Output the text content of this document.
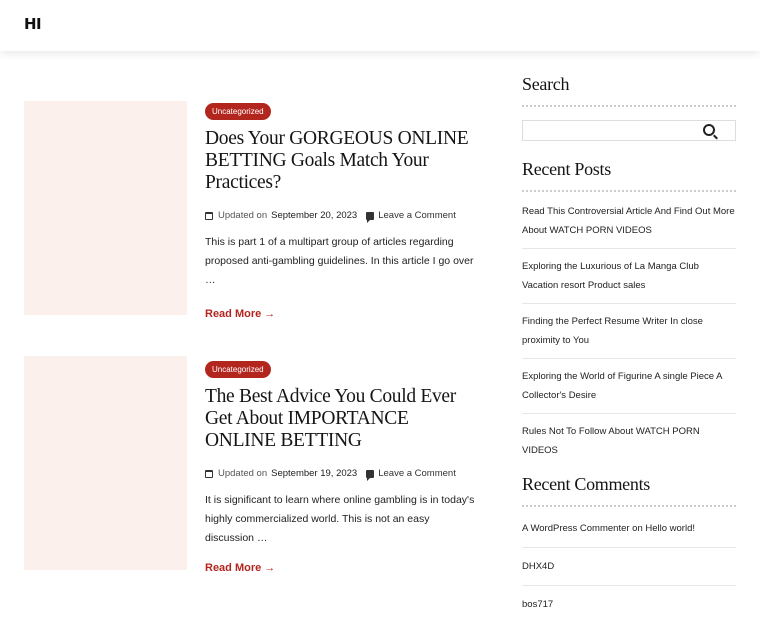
HI
Uncategorized
Does Your GORGEOUS ONLINE BETTING Goals Match Your Practices?
Updated on September 20, 2023 Leave a Comment
This is part 1 of a multipart group of articles regarding proposed anti-gambling guidelines. In this article I go over …
Read More →
Uncategorized
The Best Advice You Could Ever Get About IMPORTANCE ONLINE BETTING
Updated on September 19, 2023 Leave a Comment
It is significant to learn where online gambling is in today's highly commercialized world. This is not an easy discussion …
Read More →
Search
Recent Posts
Read This Controversial Article And Find Out More About WATCH PORN VIDEOS
Exploring the Luxurious of La Manga Club Vacation resort Product sales
Finding the Perfect Resume Writer In close proximity to You
Exploring the World of Figurine A single Piece A Collector's Desire
Rules Not To Follow About WATCH PORN VIDEOS
Recent Comments
A WordPress Commenter on Hello world!
DHX4D
bos717
